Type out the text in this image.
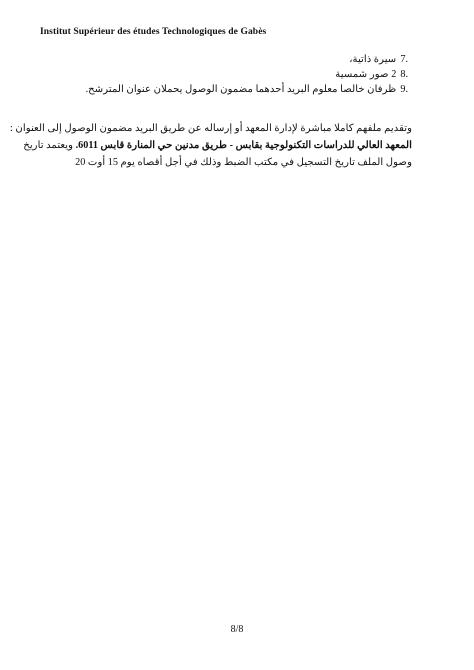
Institut Supérieur des études Technologiques de Gabès
7.
سيرة ذاتية،
8.
2 صور شمسية
9.
ظرفان خالصا معلوم البريد أحدهما مضمون الوصول يحملان عنوان المترشح.
وتقديم ملفهم كاملا مباشرة لإدارة المعهد أو إرساله عن طريق البريد مضمون الوصول إلى العنوان :
المعهد العالي للدراسات التكنولوجية بقابس - طريق مدنين حي المنارة قابس 6011. ويعتمد تاريخ
وصول الملف تاريخ التسجيل في مكتب الضبط وذلك في أجل أقصاه يوم 15 أوت 20
8/8
